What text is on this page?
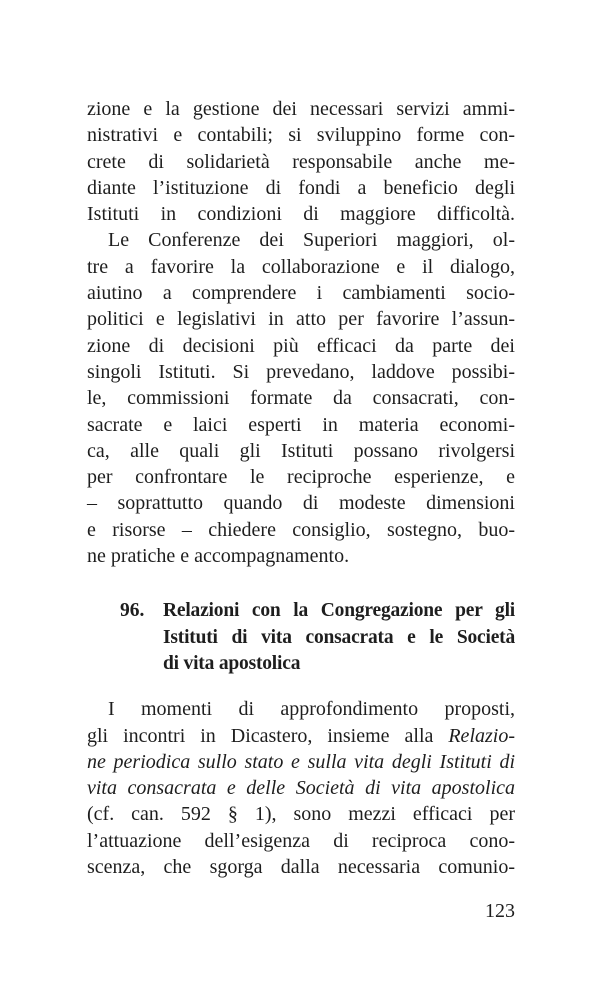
zione e la gestione dei necessari servizi ammi-
nistrativi e contabili; si sviluppino forme con-
crete di solidarietà responsabile anche me-
diante l’istituzione di fondi a beneficio degli
Istituti in condizioni di maggiore difficoltà.
Le Conferenze dei Superiori maggiori, ol-
tre a favorire la collaborazione e il dialogo,
aiutino a comprendere i cambiamenti socio-
politici e legislativi in atto per favorire l’assun-
zione di decisioni più efficaci da parte dei
singoli Istituti. Si prevedano, laddove possibi-
le, commissioni formate da consacrati, con-
sacrate e laici esperti in materia economi-
ca, alle quali gli Istituti possano rivolgersi
per confrontare le reciproche esperienze, e
– soprattutto quando di modeste dimensioni
e risorse – chiedere consiglio, sostegno, buo-
ne pratiche e accompagnamento.
96. Relazioni con la Congregazione per gli
Istituti di vita consacrata e le Società
di vita apostolica
I momenti di approfondimento proposti,
gli incontri in Dicastero, insieme alla Relazio-
ne periodica sullo stato e sulla vita degli Istituti di
vita consacrata e delle Società di vita apostolica
(cf. can. 592 § 1), sono mezzi efficaci per
l’attuazione dell’esigenza di reciproca cono-
scenza, che sgorga dalla necessaria comunio-
123
